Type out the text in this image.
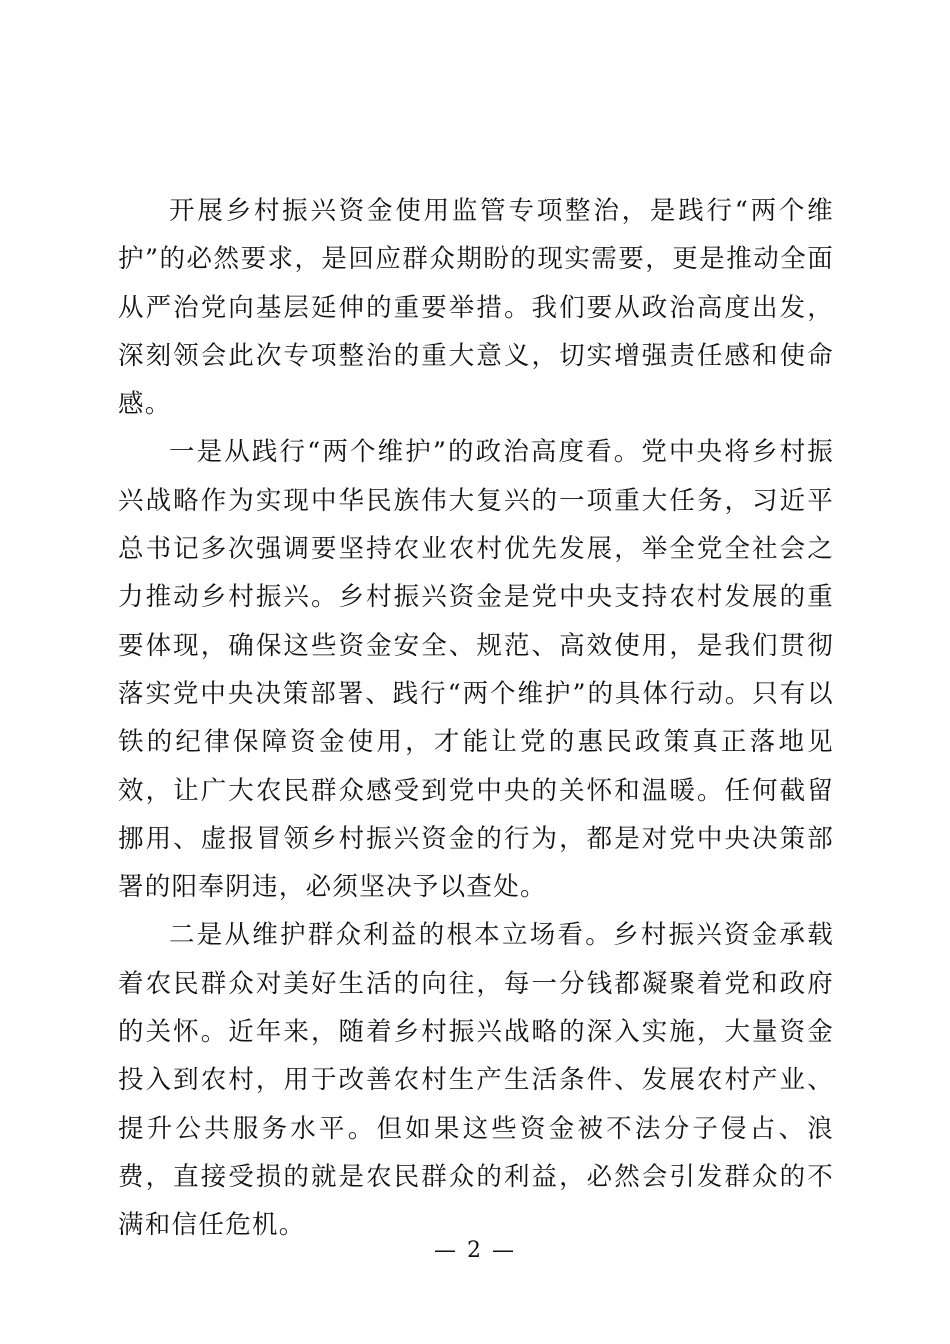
开展乡村振兴资金使用监管专项整治，是践行“两个维护”的必然要求，是回应群众期盼的现实需要，更是推动全面从严治党向基层延伸的重要举措。我们要从政治高度出发，深刻领会此次专项整治的重大意义，切实增强责任感和使命感。

一是从践行“两个维护”的政治高度看。党中央将乡村振兴战略作为实现中华民族伟大复兴的一项重大任务，习近平总书记多次强调要坚持农业农村优先发展，举全党全社会之力推动乡村振兴。乡村振兴资金是党中央支持农村发展的重要体现，确保这些资金安全、规范、高效使用，是我们贯彻落实党中央决策部署、践行“两个维护”的具体行动。只有以铁的纪律保障资金使用，才能让党的惠民政策真正落地见效，让广大农民群众感受到党中央的关怀和温暖。任何截留挪用、虚报冒领乡村振兴资金的行为，都是对党中央决策部署的阳奉阴违，必须坚决予以查处。

二是从维护群众利益的根本立场看。乡村振兴资金承载着农民群众对美好生活的向往，每一分钱都凝聚着党和政府的关怀。近年来，随着乡村振兴战略的深入实施，大量资金投入到农村，用于改善农村生产生活条件、发展农村产业、提升公共服务水平。但如果这些资金被不法分子侵占、浪费，直接受损的就是农民群众的利益，必然会引发群众的不满和信任危机。

— 2 —
